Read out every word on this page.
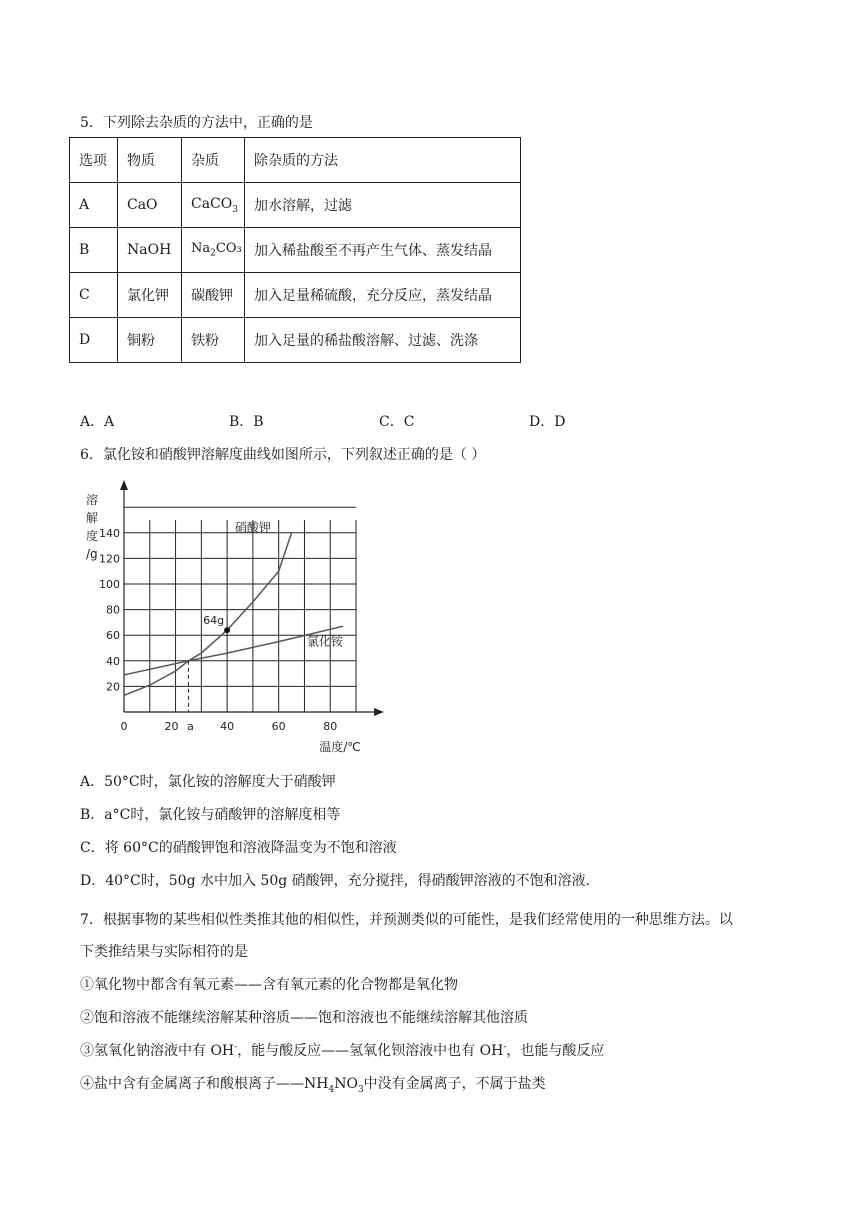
5．下列除去杂质的方法中，正确的是
选项	物质	杂质	除杂质的方法
A	CaO	CaCO$_3$	加水溶解，过滤
B	NaOH	$Na_2CO_3$	加入稀盐酸至不再产生气体、蒸发结晶
C	氯化钾	碳酸钾	加入足量稀硫酸，充分反应，蒸发结晶
D	铜粉	铁粉	加入足量的稀盐酸溶解、过滤、洗涤
A．A	B．B	C．C	D．D
6．氯化铵和硝酸钾溶解度曲线如图所示，下列叙述正确的是（ ）
20
40
60
80
100
120
140
0	20 a 40	60	80
溶
解
度
/g
温度/℃
硝酸钾
氯化铵
64g
A．50°C时，氯化铵的溶解度大于硝酸钾
B．a°C时，氯化铵与硝酸钾的溶解度相等
C．将 60°C的硝酸钾饱和溶液降温变为不饱和溶液
D．40°C时，50g 水中加入 50g 硝酸钾，充分搅拌，得硝酸钾溶液的不饱和溶液.
7．根据事物的某些相似性类推其他的相似性，并预测类似的可能性，是我们经常使用的一种思维方法。以
下类推结果与实际相符的是
①氧化物中都含有氧元素——含有氧元素的化合物都是氧化物
②饱和溶液不能继续溶解某种溶质——饱和溶液也不能继续溶解其他溶质
③氢氧化钠溶液中有 OH-，能与酸反应——氢氧化钡溶液中也有 OH-，也能与酸反应
④盐中含有金属离子和酸根离子$——NH_4NO_3$中没有金属离子，不属于盐类
